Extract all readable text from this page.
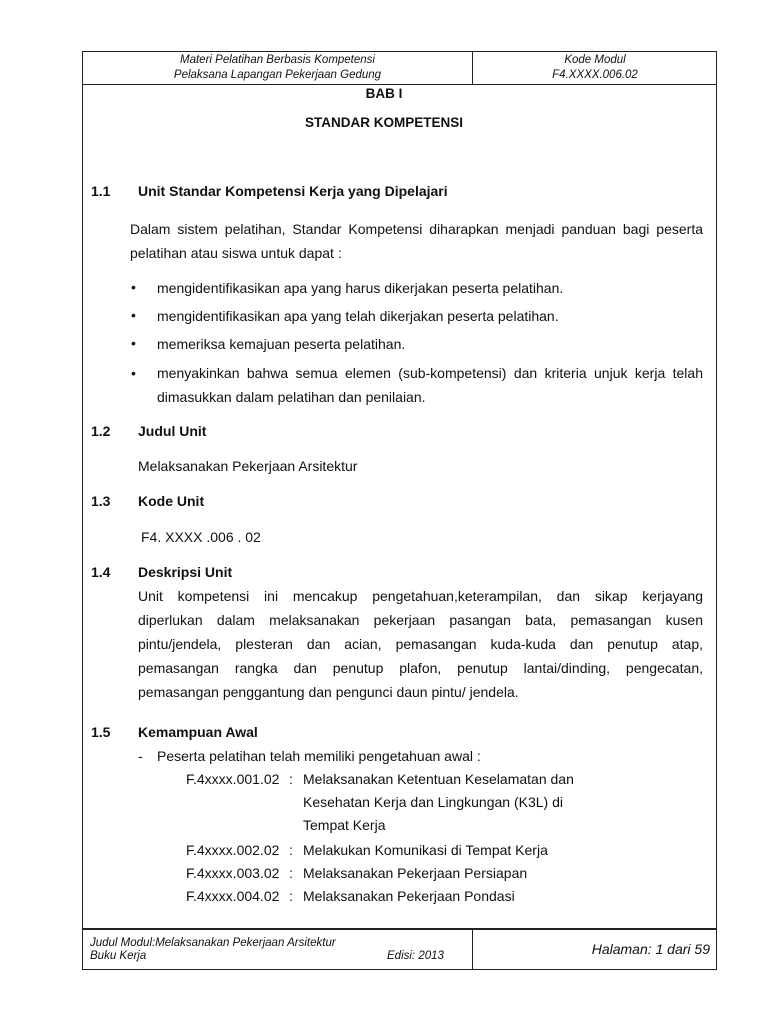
Materi Pelatihan Berbasis Kompetensi
Pelaksana Lapangan Pekerjaan Gedung
Kode Modul
F4.XXXX.006.02
BAB I
STANDAR KOMPETENSI
1.1 Unit Standar Kompetensi Kerja yang Dipelajari
Dalam sistem pelatihan, Standar Kompetensi diharapkan menjadi panduan bagi peserta
pelatihan atau siswa untuk dapat :
• mengidentifikasikan apa yang harus dikerjakan peserta pelatihan.
• mengidentifikasikan apa yang telah dikerjakan peserta pelatihan.
• memeriksa kemajuan peserta pelatihan.
• menyakinkan bahwa semua elemen (sub-kompetensi) dan kriteria unjuk kerja telah
dimasukkan dalam pelatihan dan penilaian.
1.2 Judul Unit
Melaksanakan Pekerjaan Arsitektur
1.3 Kode Unit
F4. XXXX .006 . 02
1.4 Deskripsi Unit
Unit kompetensi ini mencakup pengetahuan,keterampilan, dan sikap kerjayang
diperlukan dalam melaksanakan pekerjaan pasangan bata, pemasangan kusen
pintu/jendela, plesteran dan acian, pemasangan kuda-kuda dan penutup atap,
pemasangan rangka dan penutup plafon, penutup lantai/dinding, pengecatan,
pemasangan penggantung dan pengunci daun pintu/ jendela.
1.5 Kemampuan Awal
- Peserta pelatihan telah memiliki pengetahuan awal :
F.4xxxx.001.02 : Melaksanakan Ketentuan Keselamatan dan
Kesehatan Kerja dan Lingkungan (K3L) di
Tempat Kerja
F.4xxxx.002.02 : Melakukan Komunikasi di Tempat Kerja
F.4xxxx.003.02 : Melaksanakan Pekerjaan Persiapan
F.4xxxx.004.02 : Melaksanakan Pekerjaan Pondasi
Judul Modul:Melaksanakan Pekerjaan Arsitektur
Buku Kerja	Edisi: 2013	Halaman: 1 dari 59
